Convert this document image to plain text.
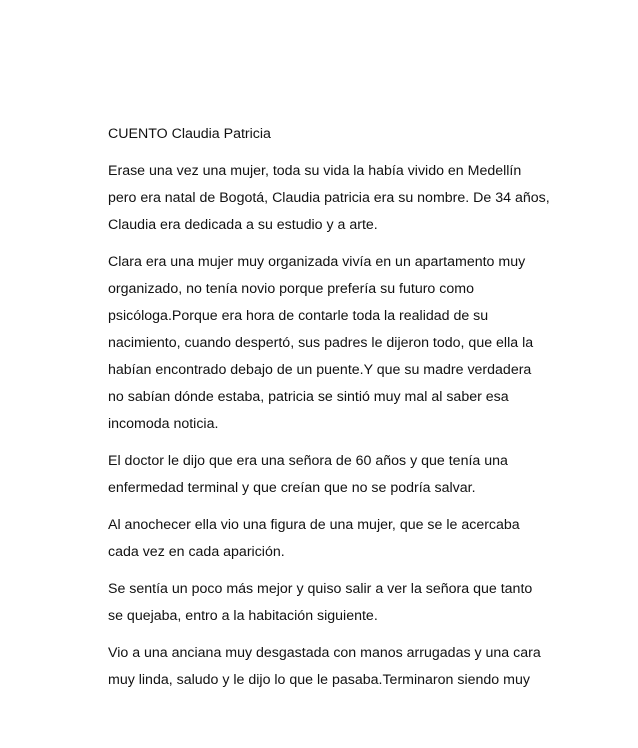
CUENTO Claudia Patricia
Erase una vez una mujer, toda su vida la había vivido en Medellín
pero era natal de Bogotá, Claudia patricia era su nombre. De 34 años,
Claudia era dedicada a su estudio y a arte.
Clara era una mujer muy organizada vivía en un apartamento muy
organizado, no tenía novio porque prefería su futuro como
psicóloga.Porque era hora de contarle toda la realidad de su
nacimiento, cuando despertó, sus padres le dijeron todo, que ella la
habían encontrado debajo de un puente.Y que su madre verdadera
no sabían dónde estaba, patricia se sintió muy mal al saber esa
incomoda noticia.
El doctor le dijo que era una señora de 60 años y que tenía una
enfermedad terminal y que creían que no se podría salvar.
Al anochecer ella vio una figura de una mujer, que se le acercaba
cada vez en cada aparición.
Se sentía un poco más mejor y quiso salir a ver la señora que tanto
se quejaba, entro a la habitación siguiente.
Vio a una anciana muy desgastada con manos arrugadas y una cara
muy linda, saludo y le dijo lo que le pasaba.Terminaron siendo muy
